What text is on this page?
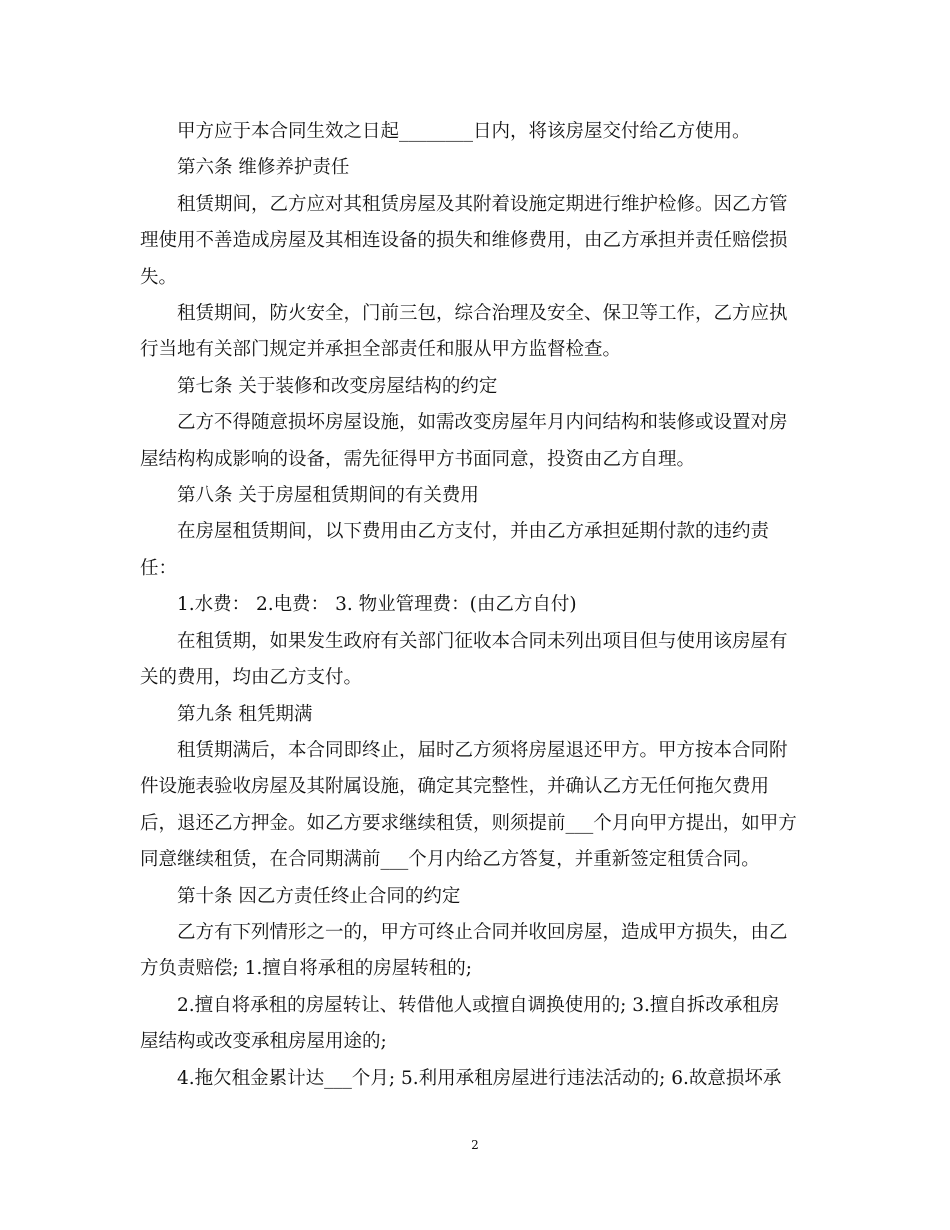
甲方应于本合同生效之日起________日内，将该房屋交付给乙方使用。
第六条 维修养护责任
租赁期间，乙方应对其租赁房屋及其附着设施定期进行维护检修。因乙方管
理使用不善造成房屋及其相连设备的损失和维修费用，由乙方承担并责任赔偿损
失。
租赁期间，防火安全，门前三包，综合治理及安全、保卫等工作，乙方应执
行当地有关部门规定并承担全部责任和服从甲方监督检查。
第七条 关于装修和改变房屋结构的约定
乙方不得随意损坏房屋设施，如需改变房屋年月内问结构和装修或设置对房
屋结构构成影响的设备，需先征得甲方书面同意，投资由乙方自理。
第八条 关于房屋租赁期间的有关费用
在房屋租赁期间，以下费用由乙方支付，并由乙方承担延期付款的违约责
任：
1.水费： 2.电费： 3. 物业管理费：(由乙方自付)
在租赁期，如果发生政府有关部门征收本合同未列出项目但与使用该房屋有
关的费用，均由乙方支付。
第九条 租凭期满
租赁期满后，本合同即终止，届时乙方须将房屋退还甲方。甲方按本合同附
件设施表验收房屋及其附属设施，确定其完整性，并确认乙方无任何拖欠费用
后，退还乙方押金。如乙方要求继续租赁，则须提前___个月向甲方提出，如甲方
同意继续租赁，在合同期满前___个月内给乙方答复，并重新签定租赁合同。
第十条 因乙方责任终止合同的约定
乙方有下列情形之一的，甲方可终止合同并收回房屋，造成甲方损失，由乙
方负责赔偿; 1.擅自将承租的房屋转租的;
2.擅自将承租的房屋转让、转借他人或擅自调换使用的; 3.擅自拆改承租房
屋结构或改变承租房屋用途的;
4.拖欠租金累计达___个月; 5.利用承租房屋进行违法活动的; 6.故意损坏承
2
